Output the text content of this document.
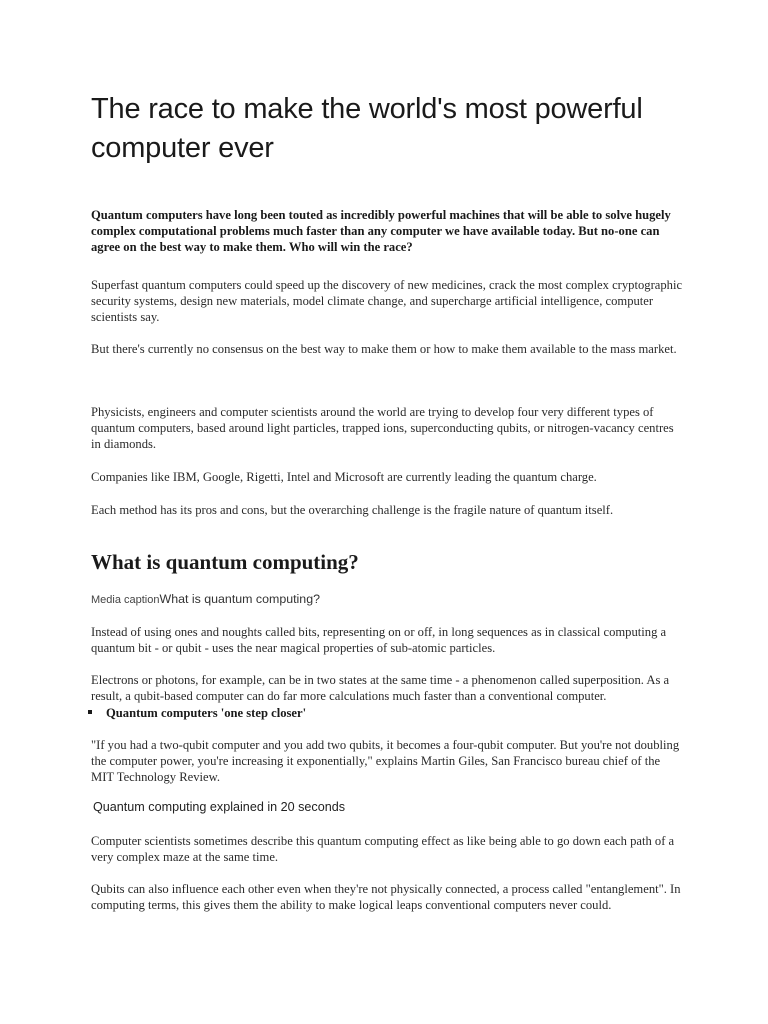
The race to make the world's most powerful computer ever

Quantum computers have long been touted as incredibly powerful machines that will be able to solve hugely complex computational problems much faster than any computer we have available today. But no-one can agree on the best way to make them. Who will win the race?

Superfast quantum computers could speed up the discovery of new medicines, crack the most complex cryptographic security systems, design new materials, model climate change, and supercharge artificial intelligence, computer scientists say.

But there's currently no consensus on the best way to make them or how to make them available to the mass market.

Physicists, engineers and computer scientists around the world are trying to develop four very different types of quantum computers, based around light particles, trapped ions, superconducting qubits, or nitrogen-vacancy centres in diamonds.

Companies like IBM, Google, Rigetti, Intel and Microsoft are currently leading the quantum charge.

Each method has its pros and cons, but the overarching challenge is the fragile nature of quantum itself.

What is quantum computing?
Media captionWhat is quantum computing?

Instead of using ones and noughts called bits, representing on or off, in long sequences as in classical computing a quantum bit - or qubit - uses the near magical properties of sub-atomic particles.

Electrons or photons, for example, can be in two states at the same time - a phenomenon called superposition. As a result, a qubit-based computer can do far more calculations much faster than a conventional computer.

Quantum computers 'one step closer'

"If you had a two-qubit computer and you add two qubits, it becomes a four-qubit computer. But you're not doubling the computer power, you're increasing it exponentially," explains Martin Giles, San Francisco bureau chief of the MIT Technology Review.

Quantum computing explained in 20 seconds

Computer scientists sometimes describe this quantum computing effect as like being able to go down each path of a very complex maze at the same time.

Qubits can also influence each other even when they're not physically connected, a process called "entanglement". In computing terms, this gives them the ability to make logical leaps conventional computers never could.
